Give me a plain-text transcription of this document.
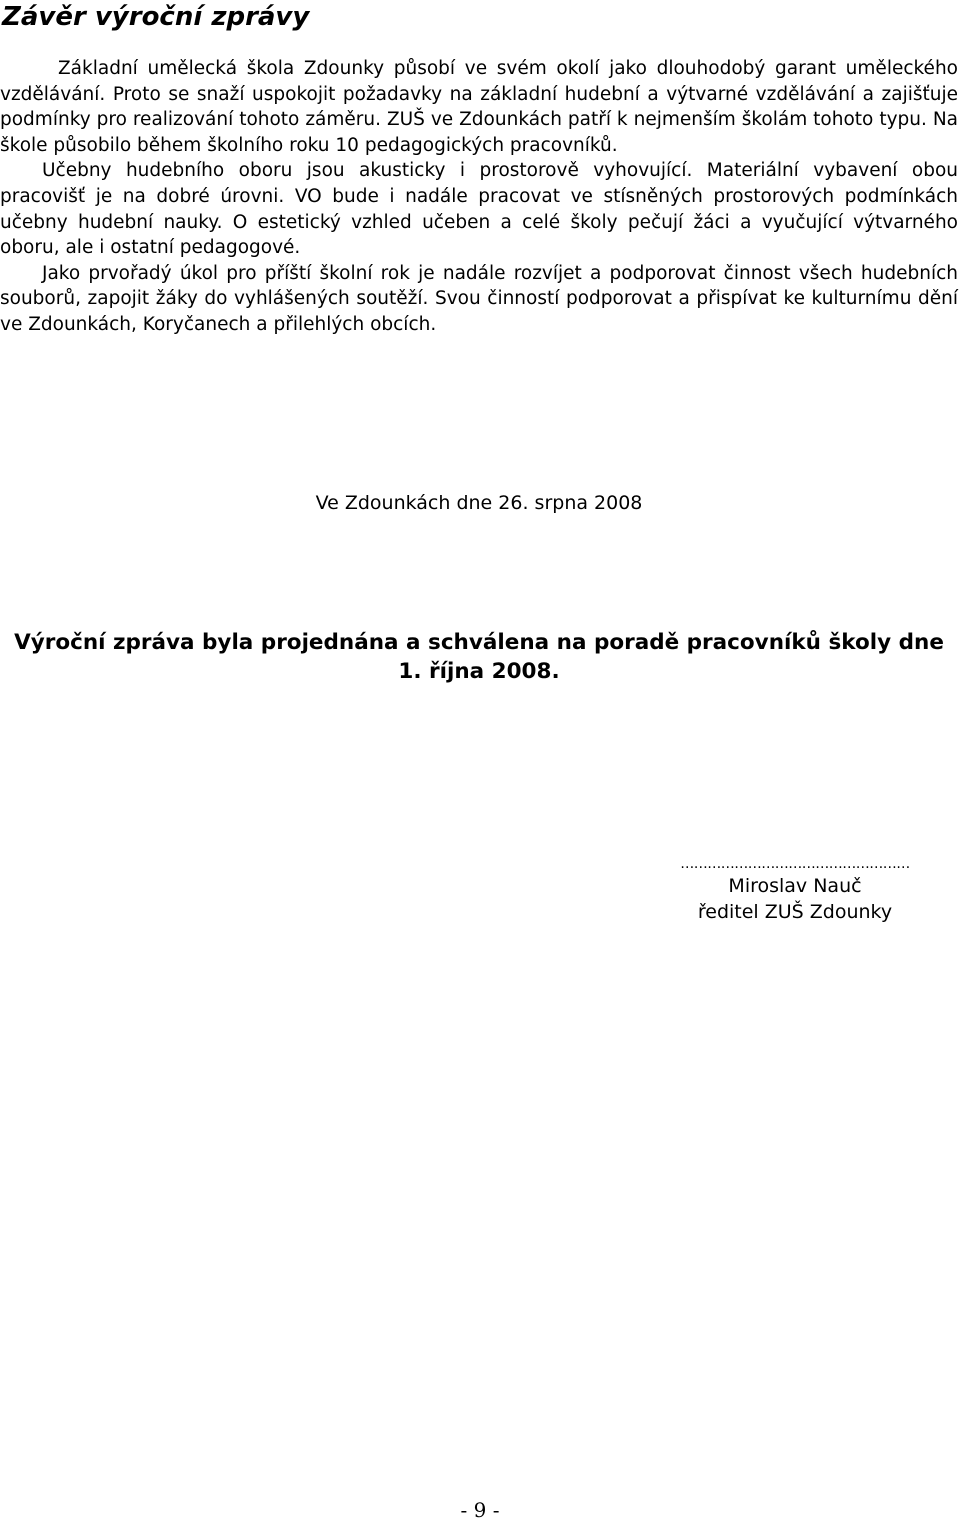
Závěr výroční zprávy

Základní umělecká škola Zdounky působí ve svém okolí jako dlouhodobý garant uměleckého vzdělávání. Proto se snaží uspokojit požadavky na základní hudební a výtvarné vzdělávání a zajišťuje podmínky pro realizování tohoto záměru. ZUŠ ve Zdounkách patří k nejmenším školám tohoto typu. Na škole působilo během školního roku 10 pedagogických pracovníků.

Učebny hudebního oboru jsou akusticky i prostorově vyhovující. Materiální vybavení obou pracovišť je na dobré úrovni. VO bude i nadále pracovat ve stísněných prostorových podmínkách učebny hudební nauky. O estetický vzhled učeben a celé školy pečují žáci a vyučující výtvarného oboru, ale i ostatní pedagogové.

Jako prvořadý úkol pro příští školní rok je nadále rozvíjet a podporovat činnost všech hudebních souborů, zapojit žáky do vyhlášených soutěží. Svou činností podporovat a přispívat ke kulturnímu dění ve Zdounkách, Koryčanech a přilehlých obcích.

Ve Zdounkách dne 26. srpna 2008

Výroční zpráva byla projednána a schválena na poradě pracovníků školy dne 1. října 2008.

……………………………………………
Miroslav Nauč
ředitel ZUŠ Zdounky
- 9 -
